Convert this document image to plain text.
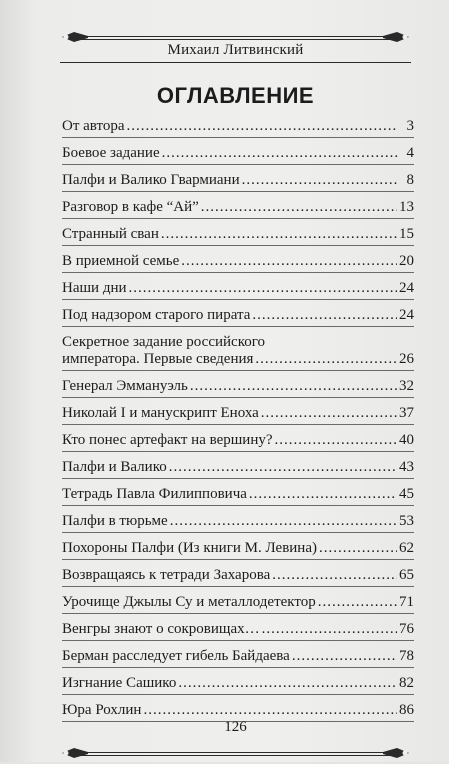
Михаил Литвинский
ОГЛАВЛЕНИЕ
От автора .....	3
Боевое задание .....	4
Палфи и Валико Гвармиани .....	8
Разговор в кафе “Ай” .....	13
Странный сван .....	15
В приемной семье .....	20
Наши дни .....	24
Под надзором старого пирата .....	24
Секретное задание российского
императора. Первые сведения .....	26
Генерал Эммануэль .....	32
Николай I и манускрипт Еноха .....	37
Кто понес артефакт на вершину? .....	40
Палфи и Валико .....	43
Тетрадь Павла Филипповича .....	45
Палфи в тюрьме .....	53
Похороны Палфи (Из книги М. Левина) .....	62
Возвращаясь к тетради Захарова .....	65
Урочище Джылы Су и металлодетектор .....	71
Венгры знают о сокровищах… .....	76
Берман расследует гибель Байдаева .....	78
Изгнание Сашико .....	82
Юра Рохлин .....	86
126
